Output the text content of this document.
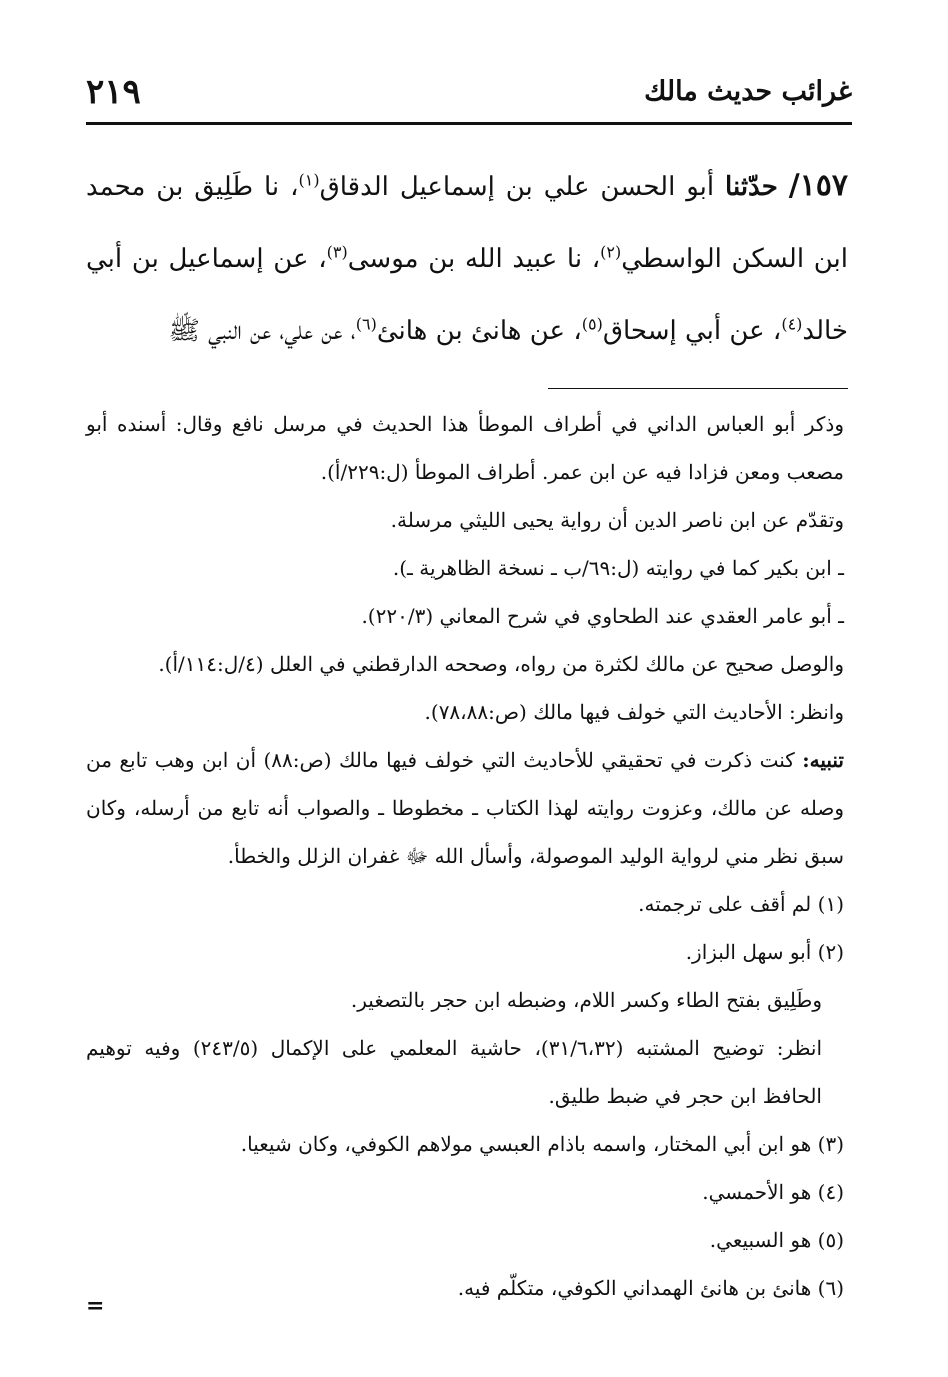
غرائب حديث مالك
٢١٩
١٥٧/ حدّثنا أبو الحسن علي بن إسماعيل الدقاق$^{(١)}$، نا طَلِيق بن محمد ابن السكن الواسطي$^{(٢)}$، نا عبيد الله بن موسى$^{(٣)}$، عن إسماعيل بن أبي خالد$^{(٤)}$، عن أبي إسحاق$^{(٥)}$، عن هانئ بن هانئ$^{(٦)}$، عن علي، عن النبي ﷺ

وذكر أبو العباس الداني في أطراف الموطأ هذا الحديث في مرسل نافع وقال: أسنده أبو مصعب ومعن فزادا فيه عن ابن عمر. أطراف الموطأ (ل:٢٢٩/أ).

وتقدّم عن ابن ناصر الدين أن رواية يحيى الليثي مرسلة.

ـ ابن بكير كما في روايته (ل:٦٩/ب ـ نسخة الظاهرية ـ).

ـ أبو عامر العقدي عند الطحاوي في شرح المعاني (٢٢٠/٣).

والوصل صحيح عن مالك لكثرة من رواه، وصححه الدارقطني في العلل (٤/ل:١١٤/أ).

وانظر: الأحاديث التي خولف فيها مالك (ص:٧٨،٨٨).

تنبيه: كنت ذكرت في تحقيقي للأحاديث التي خولف فيها مالك (ص:٨٨) أن ابن وهب تابع من وصله عن مالك، وعزوت روايته لهذا الكتاب ـ مخطوطا ـ والصواب أنه تابع من أرسله، وكان سبق نظر مني لرواية الوليد الموصولة، وأسأل الله ﷻ غفران الزلل والخطأ.

(١) لم أقف على ترجمته.

(٢) أبو سهل البزاز.

وطَلِيق بفتح الطاء وكسر اللام، وضبطه ابن حجر بالتصغير.

انظر: توضيح المشتبه (٣١/٦،٣٢)، حاشية المعلمي على الإكمال (٢٤٣/٥) وفيه توهيم الحافظ ابن حجر في ضبط طليق.

(٣) هو ابن أبي المختار، واسمه باذام العبسي مولاهم الكوفي، وكان شيعيا.

(٤) هو الأحمسي.

(٥) هو السبيعي.

(٦) هانئ بن هانئ الهمداني الكوفي، متكلّم فيه.

=
